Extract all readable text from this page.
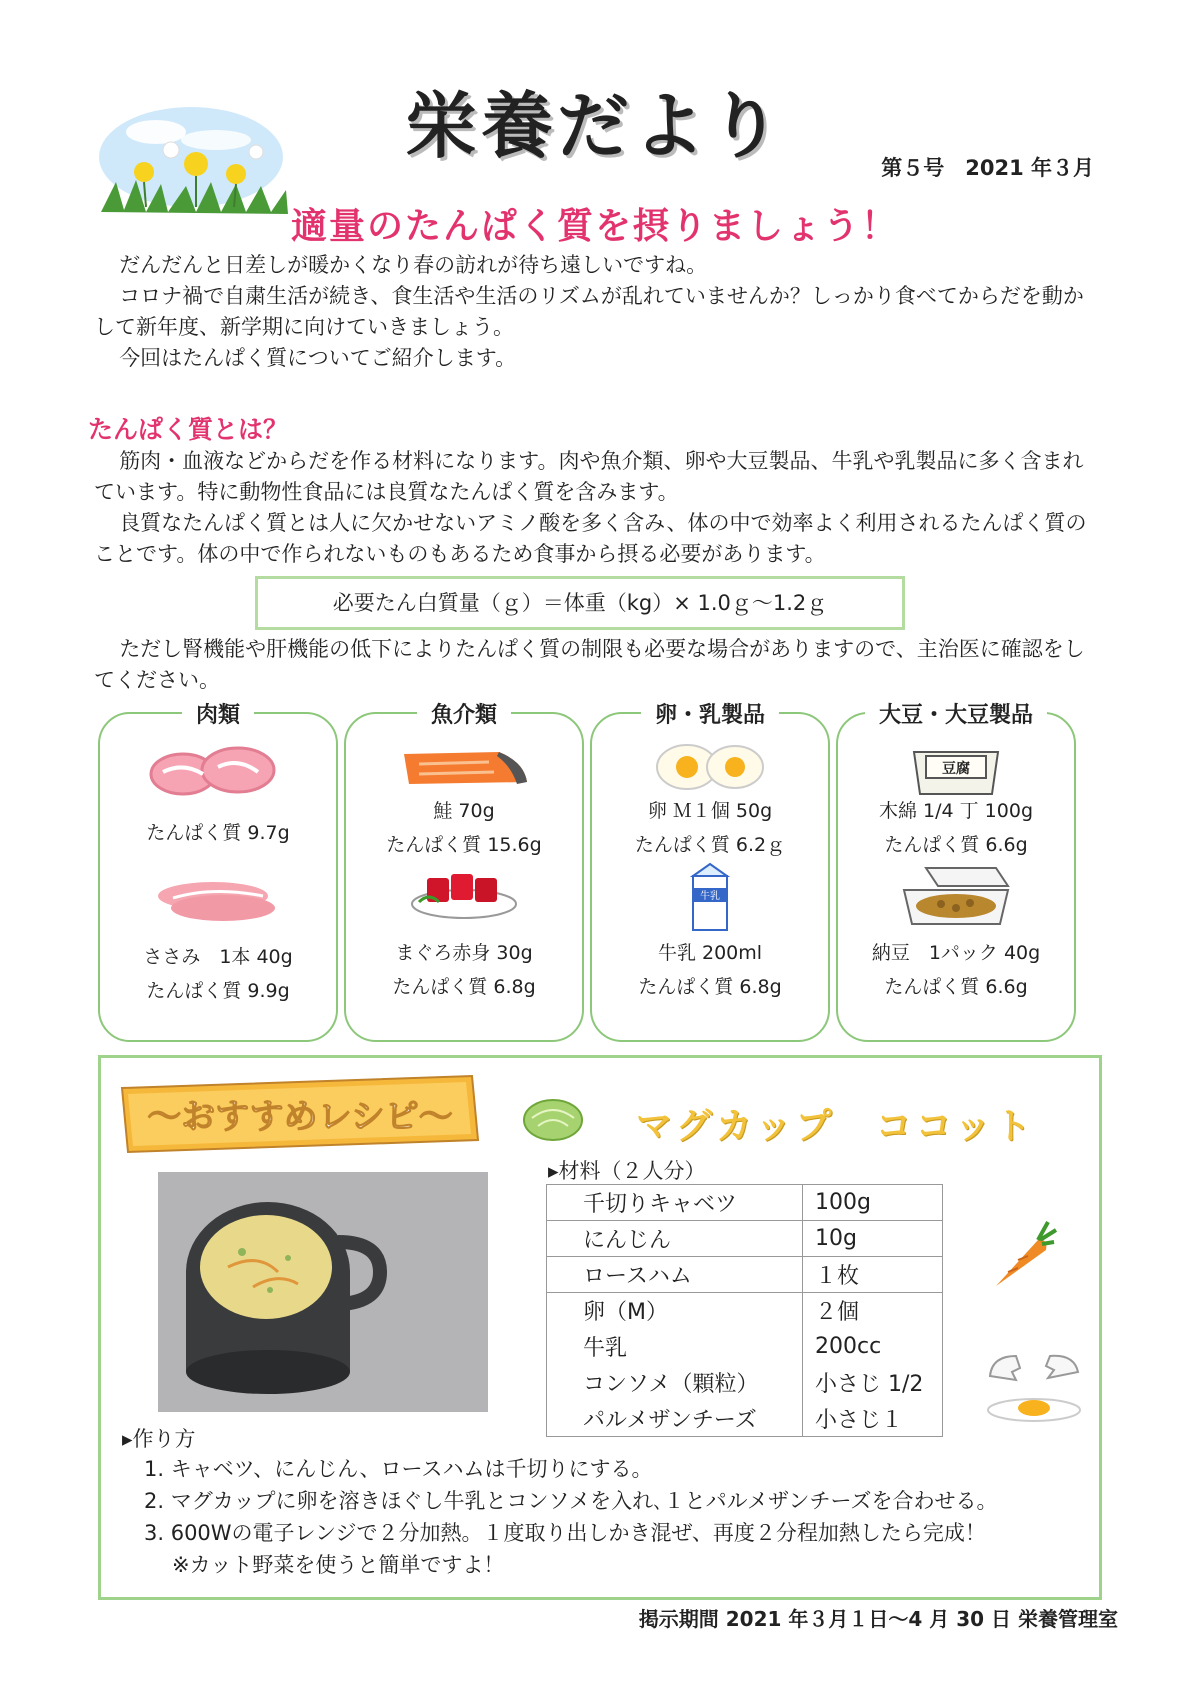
栄養だより	第５号　2021 年３月
適量のたんぱく質を摂りましょう！

だんだんと日差しが暖かくなり春の訪れが待ち遠しいですね。

コロナ禍で自粛生活が続き、食生活や生活のリズムが乱れていませんか？しっかり食べてからだを動かして新年度、新学期に向けていきましょう。

今回はたんぱく質についてご紹介します。

たんぱく質とは？

筋肉・血液などからだを作る材料になります。肉や魚介類、卵や大豆製品、牛乳や乳製品に多く含まれています。特に動物性食品には良質なたんぱく質を含みます。

良質なたんぱく質とは人に欠かせないアミノ酸を多く含み、体の中で効率よく利用されるたんぱく質のことです。体の中で作られないものもあるため食事から摂る必要があります。

必要たん白質量（ｇ）＝体重（kg）× 1.0ｇ～1.2ｇ

ただし腎機能や肝機能の低下によりたんぱく質の制限も必要な場合がありますので、主治医に確認をしてください。

肉類
たんぱく質 9.7g
ささみ　1本 40g
たんぱく質 9.9g
魚介類
鮭 70g
たんぱく質 15.6g
まぐろ赤身 30g
たんぱく質 6.8g
卵・乳製品
卵 Ｍ１個 50g
たんぱく質 6.2ｇ
牛乳
牛乳 200ml
たんぱく質 6.8g
大豆・大豆製品
豆腐
木綿 1/4 丁 100g
たんぱく質 6.6g
納豆　1パック 40g
たんぱく質 6.6g
～おすすめレシピ～	マグカップ　ココット
▸材料（２人分）
千切りキャベツ	100g
にんじん	10g
ロースハム	１枚
卵（M）	２個
牛乳	200cc
コンソメ（顆粒）	小さじ 1/2
パルメザンチーズ	小さじ１
▸作り方
1. キャベツ、にんじん、ロースハムは千切りにする。
2. マグカップに卵を溶きほぐし牛乳とコンソメを入れ､１とパルメザンチーズを合わせる。
3. 600Wの電子レンジで２分加熱。１度取り出しかき混ぜ、再度２分程加熱したら完成！
※カット野菜を使うと簡単ですよ！
掲示期間 2021 年３月１日～4 月 30 日 栄養管理室
